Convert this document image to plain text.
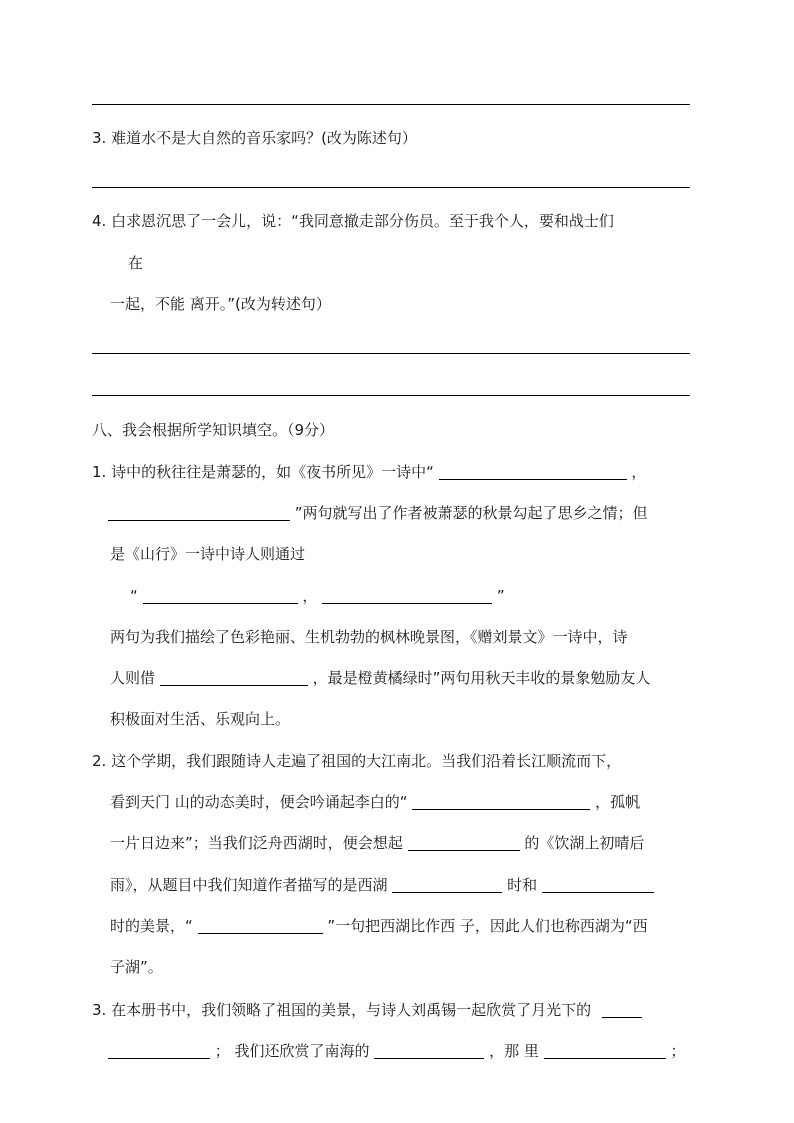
3. 难道水不是大自然的音乐家吗？(改为陈述句）
4. 白求恩沉思了一会儿，说：“我同意撤走部分伤员。至于我个人，要和战士们
在
一起，不能 离开。”(改为转述句）
八、我会根据所学知识填空。（9分）
1. 诗中的秋往往是萧瑟的，如《夜书所见》一诗中“	，
”两句就写出了作者被萧瑟的秋景勾起了思乡之情；但
是《山行》一诗中诗人则通过
“	，	”
两句为我们描绘了色彩艳丽、生机勃勃的枫林晚景图，《赠刘景文》一诗中，诗
人则借	，最是橙黄橘绿时”两句用秋天丰收的景象勉励友人
积极面对生活、乐观向上。
2. 这个学期，我们跟随诗人走遍了祖国的大江南北。当我们沿着长江顺流而下，
看到天门 山的动态美时，便会吟诵起李白的“	，孤帆
一片日边来”；当我们泛舟西湖时，便会想起	的《饮湖上初晴后
雨》，从题目中我们知道作者描写的是西湖	时和
时的美景，“	”一句把西湖比作西 子，因此人们也称西湖为“西
子湖”。
3. 在本册书中，我们领略了祖国的美景，与诗人刘禹锡一起欣赏了月光下的
； 我们还欣赏了南海的	，那 里	；
